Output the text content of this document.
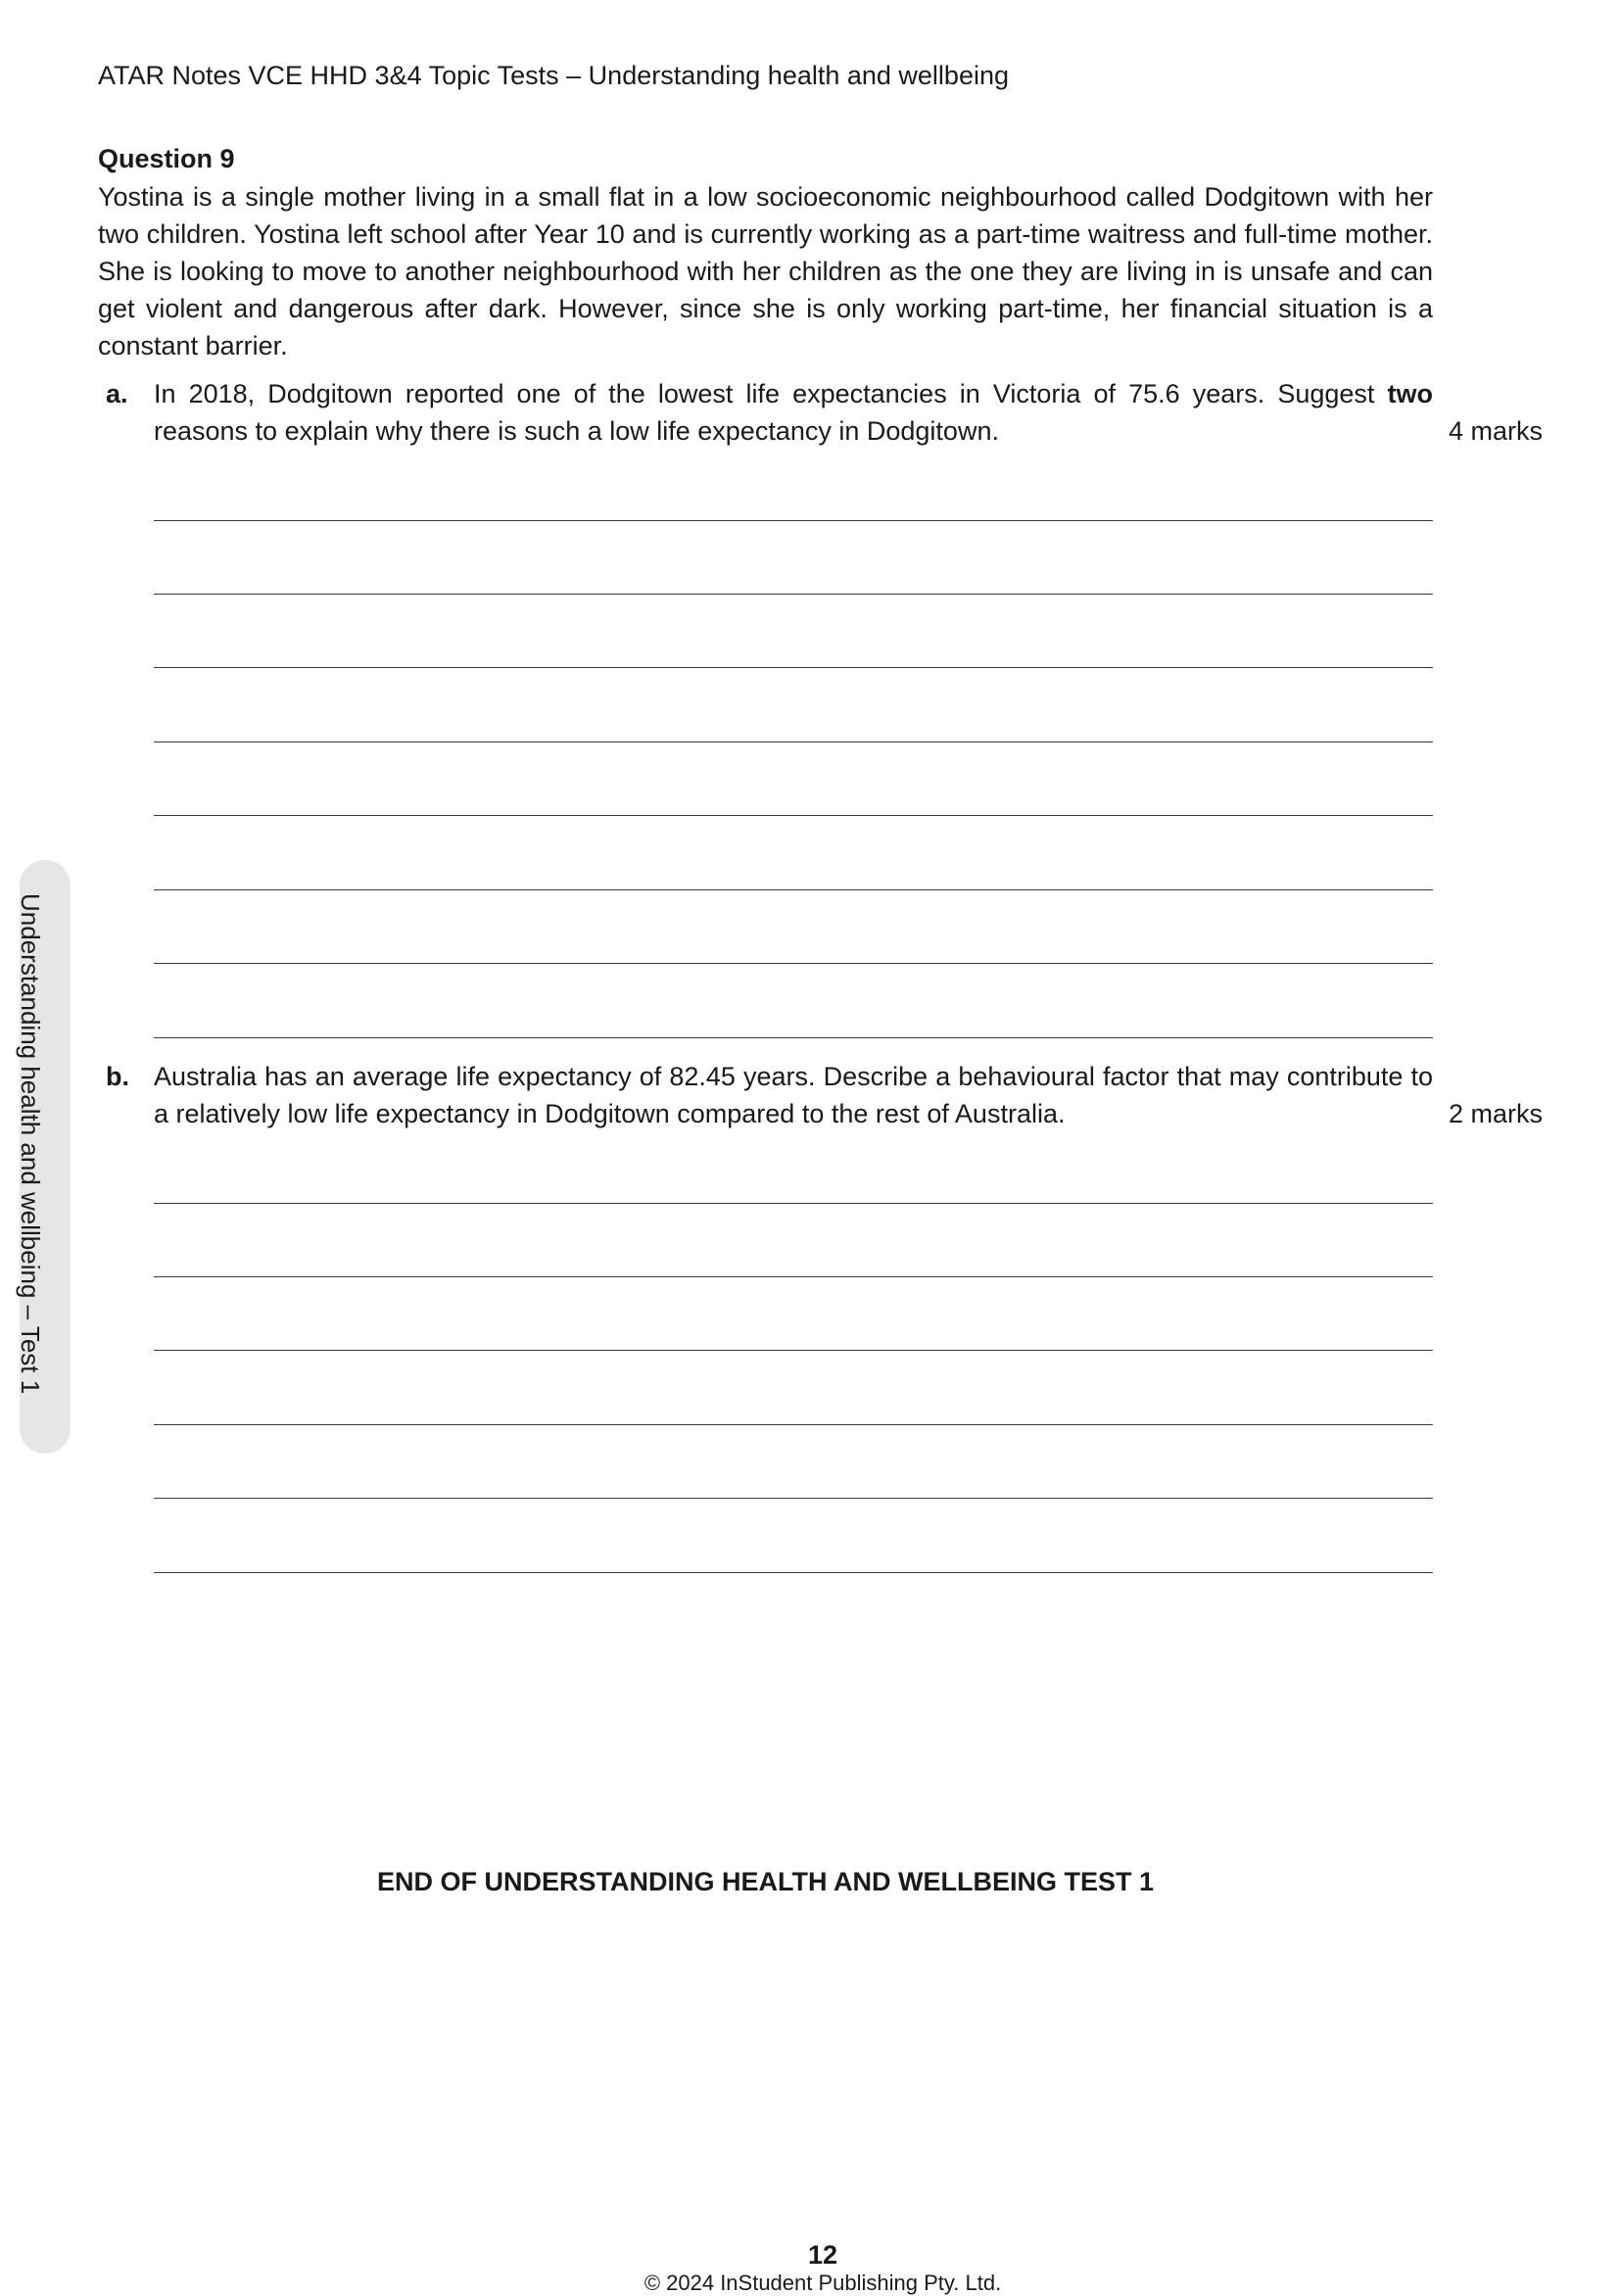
ATAR Notes VCE HHD 3&4 Topic Tests – Understanding health and wellbeing
Understanding health and wellbeing – Test 1
Question 9

Yostina is a single mother living in a small flat in a low socioeconomic neighbourhood called Dodgitown with her two children. Yostina left school after Year 10 and is currently working as a part-time waitress and full-time mother. She is looking to move to another neighbourhood with her children as the one they are living in is unsafe and can get violent and dangerous after dark. However, since she is only working part-time, her financial situation is a constant barrier.

a. In 2018, Dodgitown reported one of the lowest life expectancies in Victoria of 75.6 years. Suggest two reasons to explain why there is such a low life expectancy in Dodgitown.	4 marks
b. Australia has an average life expectancy of 82.45 years. Describe a behavioural factor that may contribute to a relatively low life expectancy in Dodgitown compared to the rest of Australia.	2 marks
END OF UNDERSTANDING HEALTH AND WELLBEING TEST 1
12
© 2024 InStudent Publishing Pty. Ltd.
